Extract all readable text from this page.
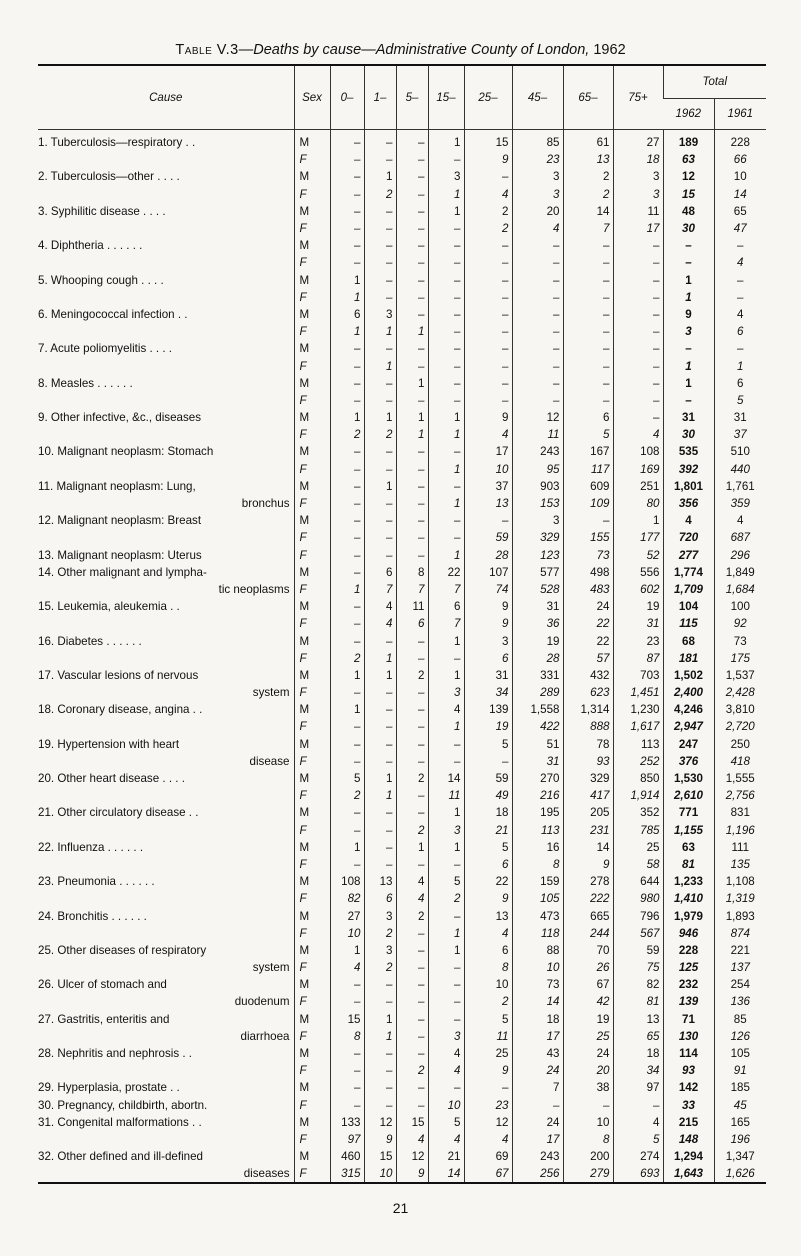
Table V.3—Deaths by cause—Administrative County of London, 1962
Cause	Sex	0–	1–	5–	15–	25–	45–	65–	75+	Total	
										1962	1961
1. Tuberculosis—respiratory . .	M	–	–	–	1	15	85	61	27	189	228
	F	–	–	–	–	9	23	13	18	63	66
2. Tuberculosis—other . . . .	M	–	1	–	3	–	3	2	3	12	10
	F	–	2	–	1	4	3	2	3	15	14
3. Syphilitic disease . . . .	M	–	–	–	1	2	20	14	11	48	65
	F	–	–	–	–	2	4	7	17	30	47
4. Diphtheria . . . . . .	M	–	–	–	–	–	–	–	–	–	–
	F	–	–	–	–	–	–	–	–	–	4
5. Whooping cough . . . .	M	1	–	–	–	–	–	–	–	1	–
	F	1	–	–	–	–	–	–	–	1	–
6. Meningococcal infection . .	M	6	3	–	–	–	–	–	–	9	4
	F	1	1	1	–	–	–	–	–	3	6
7. Acute poliomyelitis . . . .	M	–	–	–	–	–	–	–	–	–	–
	F	–	1	–	–	–	–	–	–	1	1
8. Measles . . . . . .	M	–	–	1	–	–	–	–	–	1	6
	F	–	–	–	–	–	–	–	–	–	5
9. Other infective, &c., diseases	M	1	1	1	1	9	12	6	–	31	31
	F	2	2	1	1	4	11	5	4	30	37
10. Malignant neoplasm: Stomach	M	–	–	–	–	17	243	167	108	535	510
	F	–	–	–	1	10	95	117	169	392	440
11. Malignant neoplasm: Lung,	M	–	1	–	–	37	903	609	251	1,801	1,761
bronchus	F	–	–	–	1	13	153	109	80	356	359
12. Malignant neoplasm: Breast	M	–	–	–	–	–	3	–	1	4	4
	F	–	–	–	–	59	329	155	177	720	687
13. Malignant neoplasm: Uterus	F	–	–	–	1	28	123	73	52	277	296
14. Other malignant and lympha-	M	–	6	8	22	107	577	498	556	1,774	1,849
tic neoplasms	F	1	7	7	7	74	528	483	602	1,709	1,684
15. Leukemia, aleukemia . .	M	–	4	11	6	9	31	24	19	104	100
	F	–	4	6	7	9	36	22	31	115	92
16. Diabetes . . . . . .	M	–	–	–	1	3	19	22	23	68	73
	F	2	1	–	–	6	28	57	87	181	175
17. Vascular lesions of nervous	M	1	1	2	1	31	331	432	703	1,502	1,537
system	F	–	–	–	3	34	289	623	1,451	2,400	2,428
18. Coronary disease, angina . .	M	1	–	–	4	139	1,558	1,314	1,230	4,246	3,810
	F	–	–	–	1	19	422	888	1,617	2,947	2,720
19. Hypertension with heart	M	–	–	–	–	5	51	78	113	247	250
disease	F	–	–	–	–	–	31	93	252	376	418
20. Other heart disease . . . .	M	5	1	2	14	59	270	329	850	1,530	1,555
	F	2	1	–	11	49	216	417	1,914	2,610	2,756
21. Other circulatory disease . .	M	–	–	–	1	18	195	205	352	771	831
	F	–	–	2	3	21	113	231	785	1,155	1,196
22. Influenza . . . . . .	M	1	–	1	1	5	16	14	25	63	111
	F	–	–	–	–	6	8	9	58	81	135
23. Pneumonia . . . . . .	M	108	13	4	5	22	159	278	644	1,233	1,108
	F	82	6	4	2	9	105	222	980	1,410	1,319
24. Bronchitis . . . . . .	M	27	3	2	–	13	473	665	796	1,979	1,893
	F	10	2	–	1	4	118	244	567	946	874
25. Other diseases of respiratory	M	1	3	–	1	6	88	70	59	228	221
system	F	4	2	–	–	8	10	26	75	125	137
26. Ulcer of stomach and	M	–	–	–	–	10	73	67	82	232	254
duodenum	F	–	–	–	–	2	14	42	81	139	136
27. Gastritis, enteritis and	M	15	1	–	–	5	18	19	13	71	85
diarrhoea	F	8	1	–	3	11	17	25	65	130	126
28. Nephritis and nephrosis . .	M	–	–	–	4	25	43	24	18	114	105
	F	–	–	2	4	9	24	20	34	93	91
29. Hyperplasia, prostate . .	M	–	–	–	–	–	7	38	97	142	185
30. Pregnancy, childbirth, abortn.	F	–	–	–	10	23	–	–	–	33	45
31. Congenital malformations . .	M	133	12	15	5	12	24	10	4	215	165
	F	97	9	4	4	4	17	8	5	148	196
32. Other defined and ill-defined	M	460	15	12	21	69	243	200	274	1,294	1,347
diseases	F	315	10	9	14	67	256	279	693	1,643	1,626
21
